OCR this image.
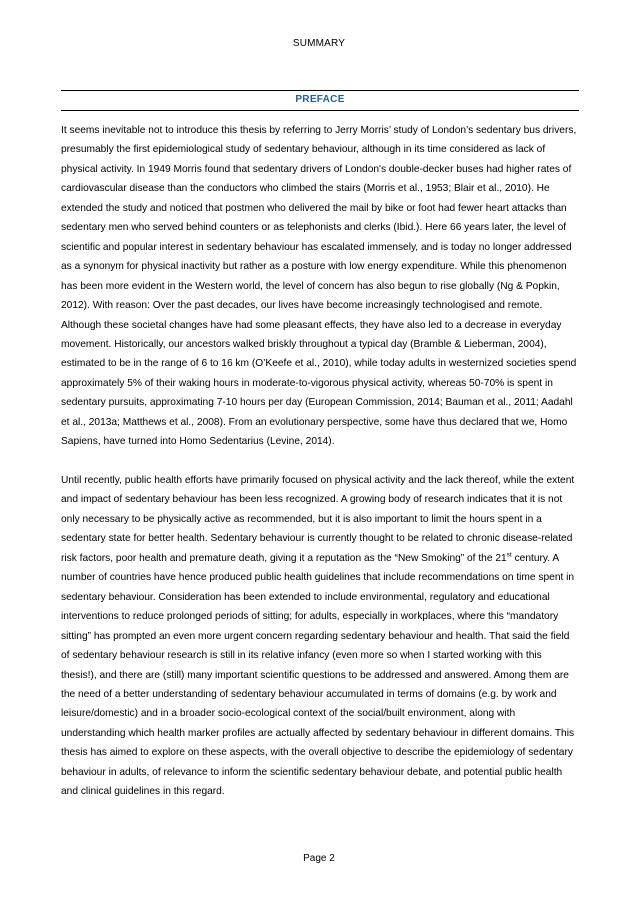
SUMMARY
PREFACE

It seems inevitable not to introduce this thesis by referring to Jerry Morris’ study of London’s sedentary bus drivers, presumably the first epidemiological study of sedentary behaviour, although in its time considered as lack of physical activity. In 1949 Morris found that sedentary drivers of London's double-decker buses had higher rates of cardiovascular disease than the conductors who climbed the stairs (Morris et al., 1953; Blair et al., 2010). He extended the study and noticed that postmen who delivered the mail by bike or foot had fewer heart attacks than sedentary men who served behind counters or as telephonists and clerks (Ibid.). Here 66 years later, the level of scientific and popular interest in sedentary behaviour has escalated immensely, and is today no longer addressed as a synonym for physical inactivity but rather as a posture with low energy expenditure. While this phenomenon has been more evident in the Western world, the level of concern has also begun to rise globally (Ng & Popkin, 2012). With reason: Over the past decades, our lives have become increasingly technologised and remote. Although these societal changes have had some pleasant effects, they have also led to a decrease in everyday movement. Historically, our ancestors walked briskly throughout a typical day (Bramble & Lieberman, 2004), estimated to be in the range of 6 to 16 km (O’Keefe et al., 2010), while today adults in westernized societies spend approximately 5% of their waking hours in moderate-to-vigorous physical activity, whereas 50-70% is spent in sedentary pursuits, approximating 7-10 hours per day (European Commission, 2014; Bauman et al., 2011; Aadahl et al., 2013a; Matthews et al., 2008). From an evolutionary perspective, some have thus declared that we, Homo Sapiens, have turned into Homo Sedentarius (Levine, 2014).

Until recently, public health efforts have primarily focused on physical activity and the lack thereof, while the extent and impact of sedentary behaviour has been less recognized. A growing body of research indicates that it is not only necessary to be physically active as recommended, but it is also important to limit the hours spent in a sedentary state for better health. Sedentary behaviour is currently thought to be related to chronic disease-related risk factors, poor health and premature death, giving it a reputation as the “New Smoking” of the 21st century. A number of countries have hence produced public health guidelines that include recommendations on time spent in sedentary behaviour. Consideration has been extended to include environmental, regulatory and educational interventions to reduce prolonged periods of sitting; for adults, especially in workplaces, where this “mandatory sitting” has prompted an even more urgent concern regarding sedentary behaviour and health. That said the field of sedentary behaviour research is still in its relative infancy (even more so when I started working with this thesis!), and there are (still) many important scientific questions to be addressed and answered. Among them are the need of a better understanding of sedentary behaviour accumulated in terms of domains (e.g. by work and leisure/domestic) and in a broader socio-ecological context of the social/built environment, along with understanding which health marker profiles are actually affected by sedentary behaviour in different domains. This thesis has aimed to explore on these aspects, with the overall objective to describe the epidemiology of sedentary behaviour in adults, of relevance to inform the scientific sedentary behaviour debate, and potential public health and clinical guidelines in this regard.

Page 2
